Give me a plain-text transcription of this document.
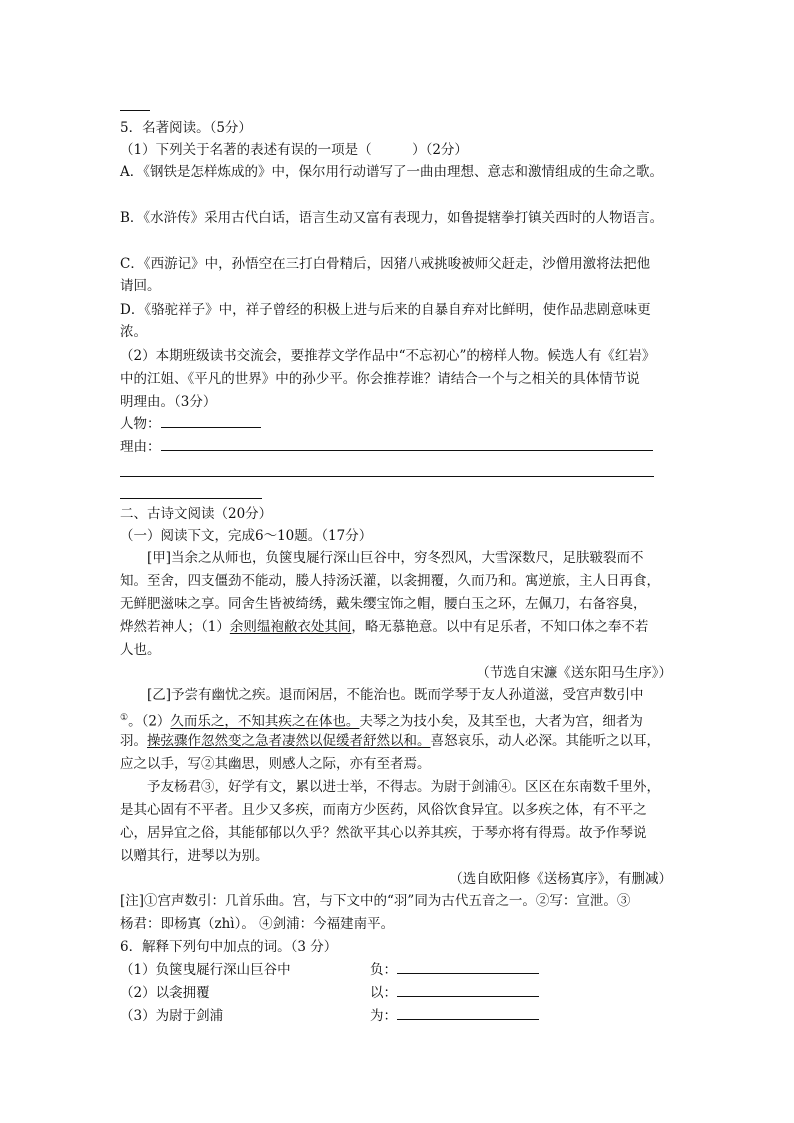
5．名著阅读。（5分）
（1）下列关于名著的表述有误的一项是（　　　）（2分）
A．《钢铁是怎样炼成的》中，保尔用行动谱写了一曲由理想、意志和激情组成的生命之歌。
B．《水浒传》采用古代白话，语言生动又富有表现力，如鲁提辖拳打镇关西时的人物语言。
C．《西游记》中，孙悟空在三打白骨精后，因猪八戒挑唆被师父赶走，沙僧用激将法把他
请回。
D．《骆驼祥子》中，祥子曾经的积极上进与后来的自暴自弃对比鲜明，使作品悲剧意味更
浓。
（2）本期班级读书交流会，要推荐文学作品中“不忘初心”的榜样人物。候选人有《红岩》
中的江姐、《平凡的世界》中的孙少平。你会推荐谁？请结合一个与之相关的具体情节说
明理由。（3分）
人物：
理由：
二、古诗文阅读（20分）
（一）阅读下文，完成6～10题。（17分）
[甲]当余之从师也，负箧曳屣行深山巨谷中，穷冬烈风，大雪深数尺，足肤皲裂而不
知。至舍，四支僵劲不能动，媵人持汤沃灌，以衾拥覆，久而乃和。寓逆旅，主人日再食，
无鲜肥滋味之享。同舍生皆被绮绣，戴朱缨宝饰之帽，腰白玉之环，左佩刀，右备容臭，
烨然若神人；（1）余则缊袍敝衣处其间，略无慕艳意。以中有足乐者，不知口体之奉不若
人也。
（节选自宋濂《送东阳马生序》）
[乙]予尝有幽忧之疾。退而闲居，不能治也。既而学琴于友人孙道滋，受宫声数引中
①。（2）久而乐之，不知其疾之在体也。夫琴之为技小矣，及其至也，大者为宫，细者为
羽。操弦骤作忽然变之急者凄然以促缓者舒然以和。喜怒哀乐，动人必深。其能听之以耳，
应之以手，写②其幽思，则感人之际，亦有至者焉。
予友杨君③，好学有文，累以进士举，不得志。为尉于剑浦④。区区在东南数千里外，
是其心固有不平者。且少又多疾，而南方少医药，风俗饮食异宜。以多疾之体，有不平之
心，居异宜之俗，其能郁郁以久乎？然欲平其心以养其疾，于琴亦将有得焉。故予作琴说
以赠其行，进琴以为别。
（选自欧阳修《送杨寘序》，有删减）
[注]①宫声数引：几首乐曲。宫，与下文中的“羽”同为古代五音之一。②写：宣泄。③
杨君：即杨寘（zhì）。 ④剑浦：今福建南平。
6．解释下列句中加点的词。（3 分）
（1）负箧曳屣行深山巨谷中	负：
（2）以衾拥覆	以：
（3）为尉于剑浦	为：
